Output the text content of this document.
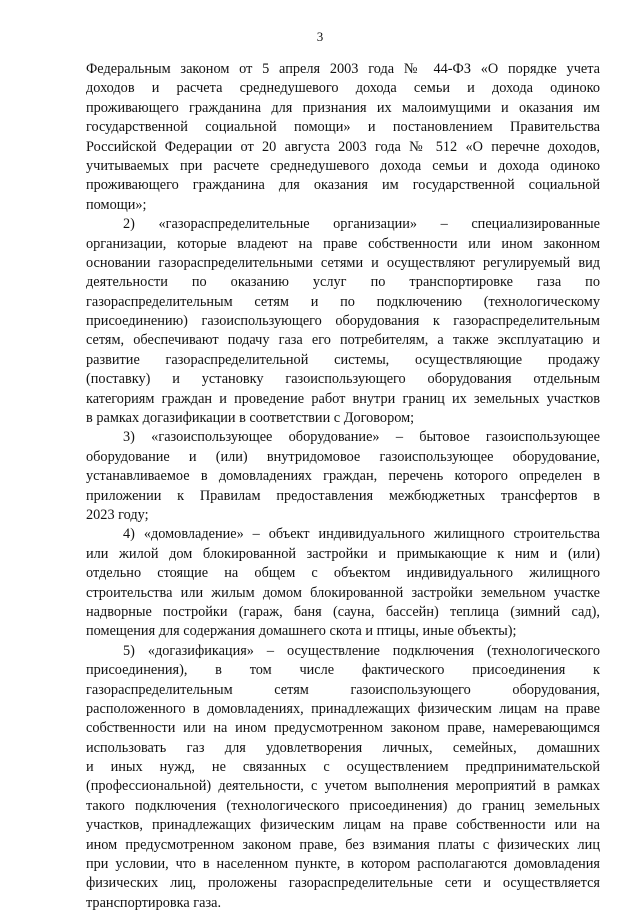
3
Федеральным законом от 5 апреля 2003 года № 44-ФЗ «О порядке учета
доходов и расчета среднедушевого дохода семьи и дохода одиноко
проживающего гражданина для признания их малоимущими и оказания им
государственной социальной помощи» и постановлением Правительства
Российской Федерации от 20 августа 2003 года № 512 «О перечне доходов,
учитываемых при расчете среднедушевого дохода семьи и дохода одиноко
проживающего гражданина для оказания им государственной социальной
помощи»;
2) «газораспределительные организации» – специализированные
организации, которые владеют на праве собственности или ином законном
основании газораспределительными сетями и осуществляют регулируемый вид
деятельности по оказанию услуг по транспортировке газа по
газораспределительным сетям и по подключению (технологическому
присоединению) газоиспользующего оборудования к газораспределительным
сетям, обеспечивают подачу газа его потребителям, а также эксплуатацию и
развитие газораспределительной системы, осуществляющие продажу
(поставку) и установку газоиспользующего оборудования отдельным
категориям граждан и проведение работ внутри границ их земельных участков
в рамках догазификации в соответствии с Договором;
3) «газоиспользующее оборудование» – бытовое газоиспользующее
оборудование и (или) внутридомовое газоиспользующее оборудование,
устанавливаемое в домовладениях граждан, перечень которого определен в
приложении к Правилам предоставления межбюджетных трансфертов в
2023 году;
4) «домовладение» – объект индивидуального жилищного строительства
или жилой дом блокированной застройки и примыкающие к ним и (или)
отдельно стоящие на общем с объектом индивидуального жилищного
строительства или жилым домом блокированной застройки земельном участке
надворные постройки (гараж, баня (сауна, бассейн) теплица (зимний сад),
помещения для содержания домашнего скота и птицы, иные объекты);
5) «догазификация» – осуществление подключения (технологического
присоединения), в том числе фактического присоединения к
газораспределительным сетям газоиспользующего оборудования,
расположенного в домовладениях, принадлежащих физическим лицам на праве
собственности или на ином предусмотренном законом праве, намеревающимся
использовать газ для удовлетворения личных, семейных, домашних
и иных нужд, не связанных с осуществлением предпринимательской
(профессиональной) деятельности, с учетом выполнения мероприятий в рамках
такого подключения (технологического присоединения) до границ земельных
участков, принадлежащих физическим лицам на праве собственности или на
ином предусмотренном законом праве, без взимания платы с физических лиц
при условии, что в населенном пункте, в котором располагаются домовладения
физических лиц, проложены газораспределительные сети и осуществляется
транспортировка газа.
